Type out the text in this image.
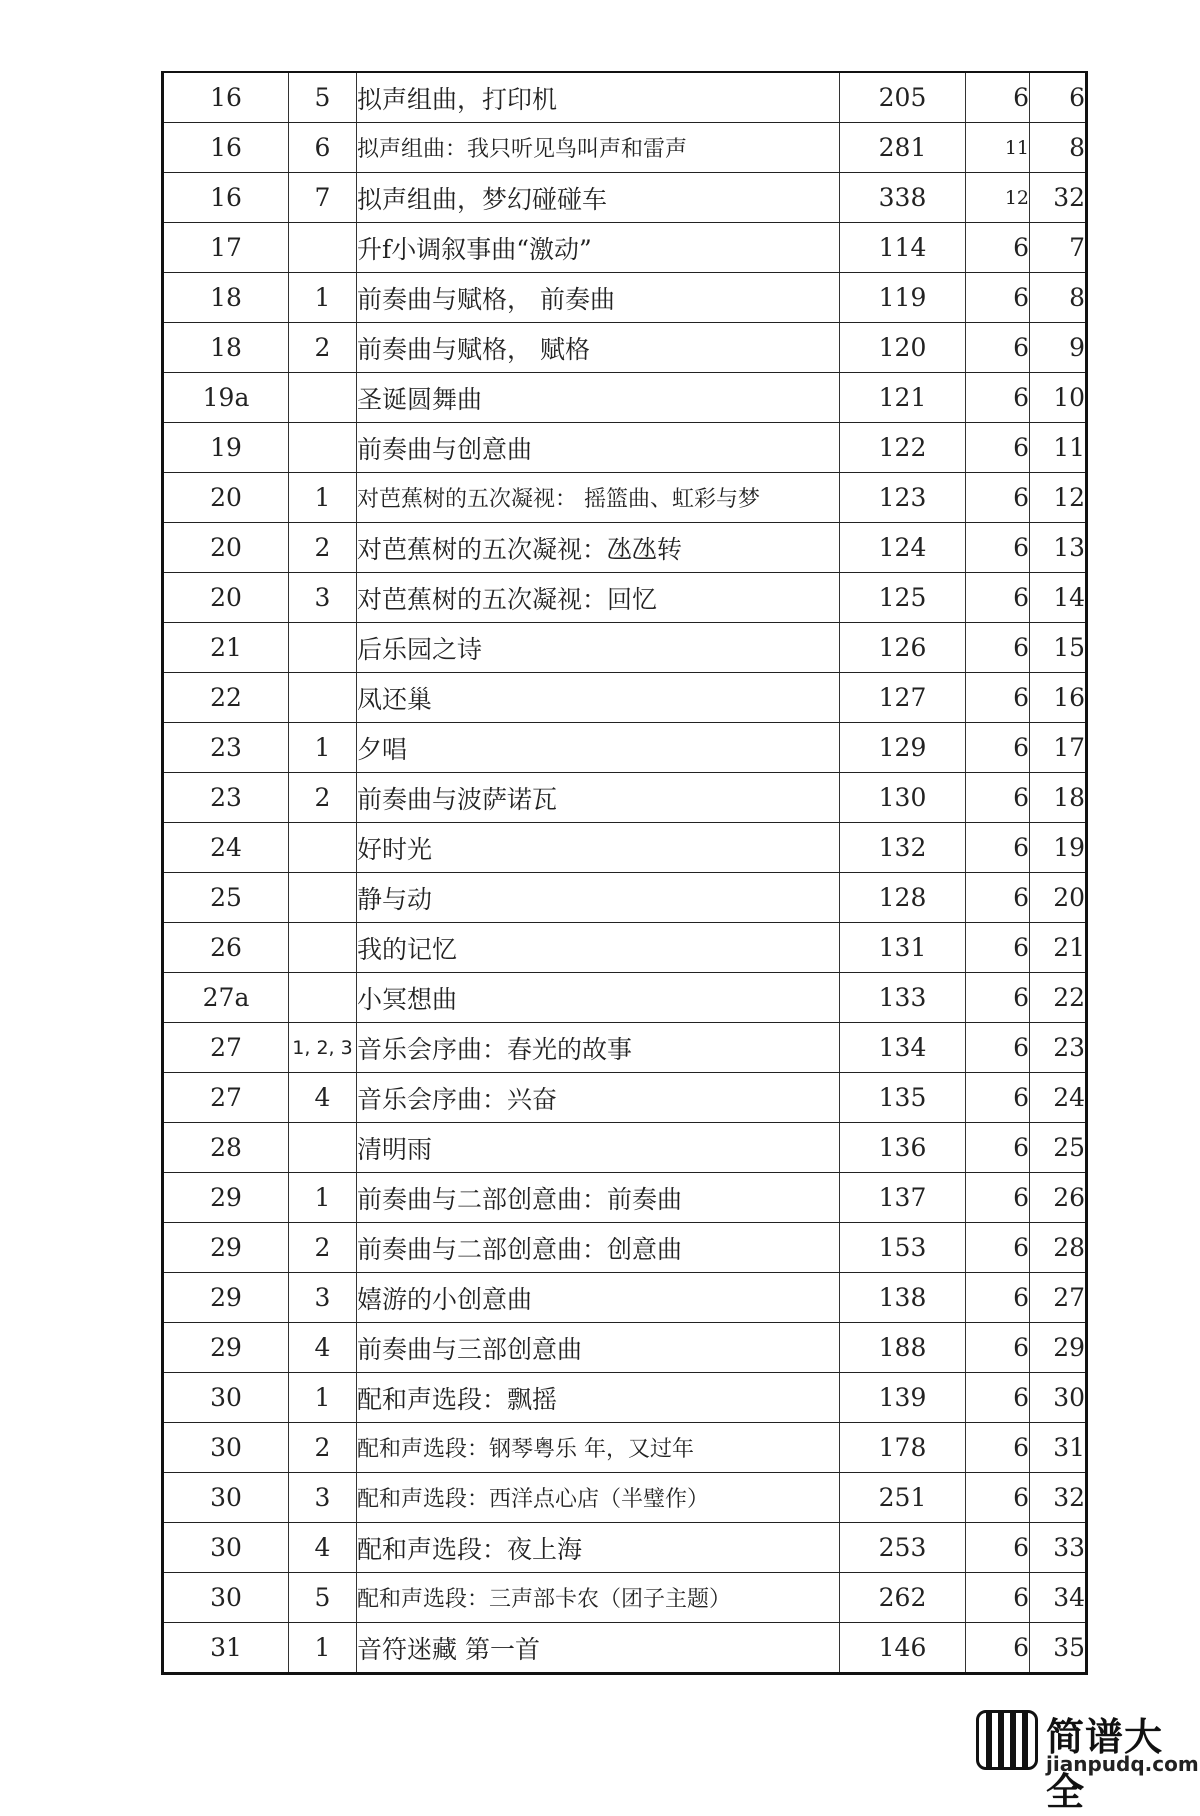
16	5	拟声组曲，打印机	205	6	6
16	6	拟声组曲：我只听见鸟叫声和雷声	281	11	8
16	7	拟声组曲，梦幻碰碰车	338	12	32
17		升f小调叙事曲“激动”	114	6	7
18	1	前奏曲与赋格， 前奏曲	119	6	8
18	2	前奏曲与赋格， 赋格	120	6	9
19a		圣诞圆舞曲	121	6	10
19		前奏曲与创意曲	122	6	11
20	1	对芭蕉树的五次凝视： 摇篮曲、虹彩与梦	123	6	12
20	2	对芭蕉树的五次凝视：氹氹转	124	6	13
20	3	对芭蕉树的五次凝视：回忆	125	6	14
21		后乐园之诗	126	6	15
22		凤还巢	127	6	16
23	1	夕唱	129	6	17
23	2	前奏曲与波萨诺瓦	130	6	18
24		好时光	132	6	19
25		静与动	128	6	20
26		我的记忆	131	6	21
27a		小冥想曲	133	6	22
27	1, 2, 3	音乐会序曲：春光的故事	134	6	23
27	4	音乐会序曲：兴奋	135	6	24
28		清明雨	136	6	25
29	1	前奏曲与二部创意曲：前奏曲	137	6	26
29	2	前奏曲与二部创意曲：创意曲	153	6	28
29	3	嬉游的小创意曲	138	6	27
29	4	前奏曲与三部创意曲	188	6	29
30	1	配和声选段：飘摇	139	6	30
30	2	配和声选段：钢琴粤乐 年，又过年	178	6	31
30	3	配和声选段：西洋点心店（半璧作）	251	6	32
30	4	配和声选段：夜上海	253	6	33
30	5	配和声选段：三声部卡农（团子主题）	262	6	34
31	1	音符迷藏 第一首	146	6	35
简谱大全
jianpudq.com
